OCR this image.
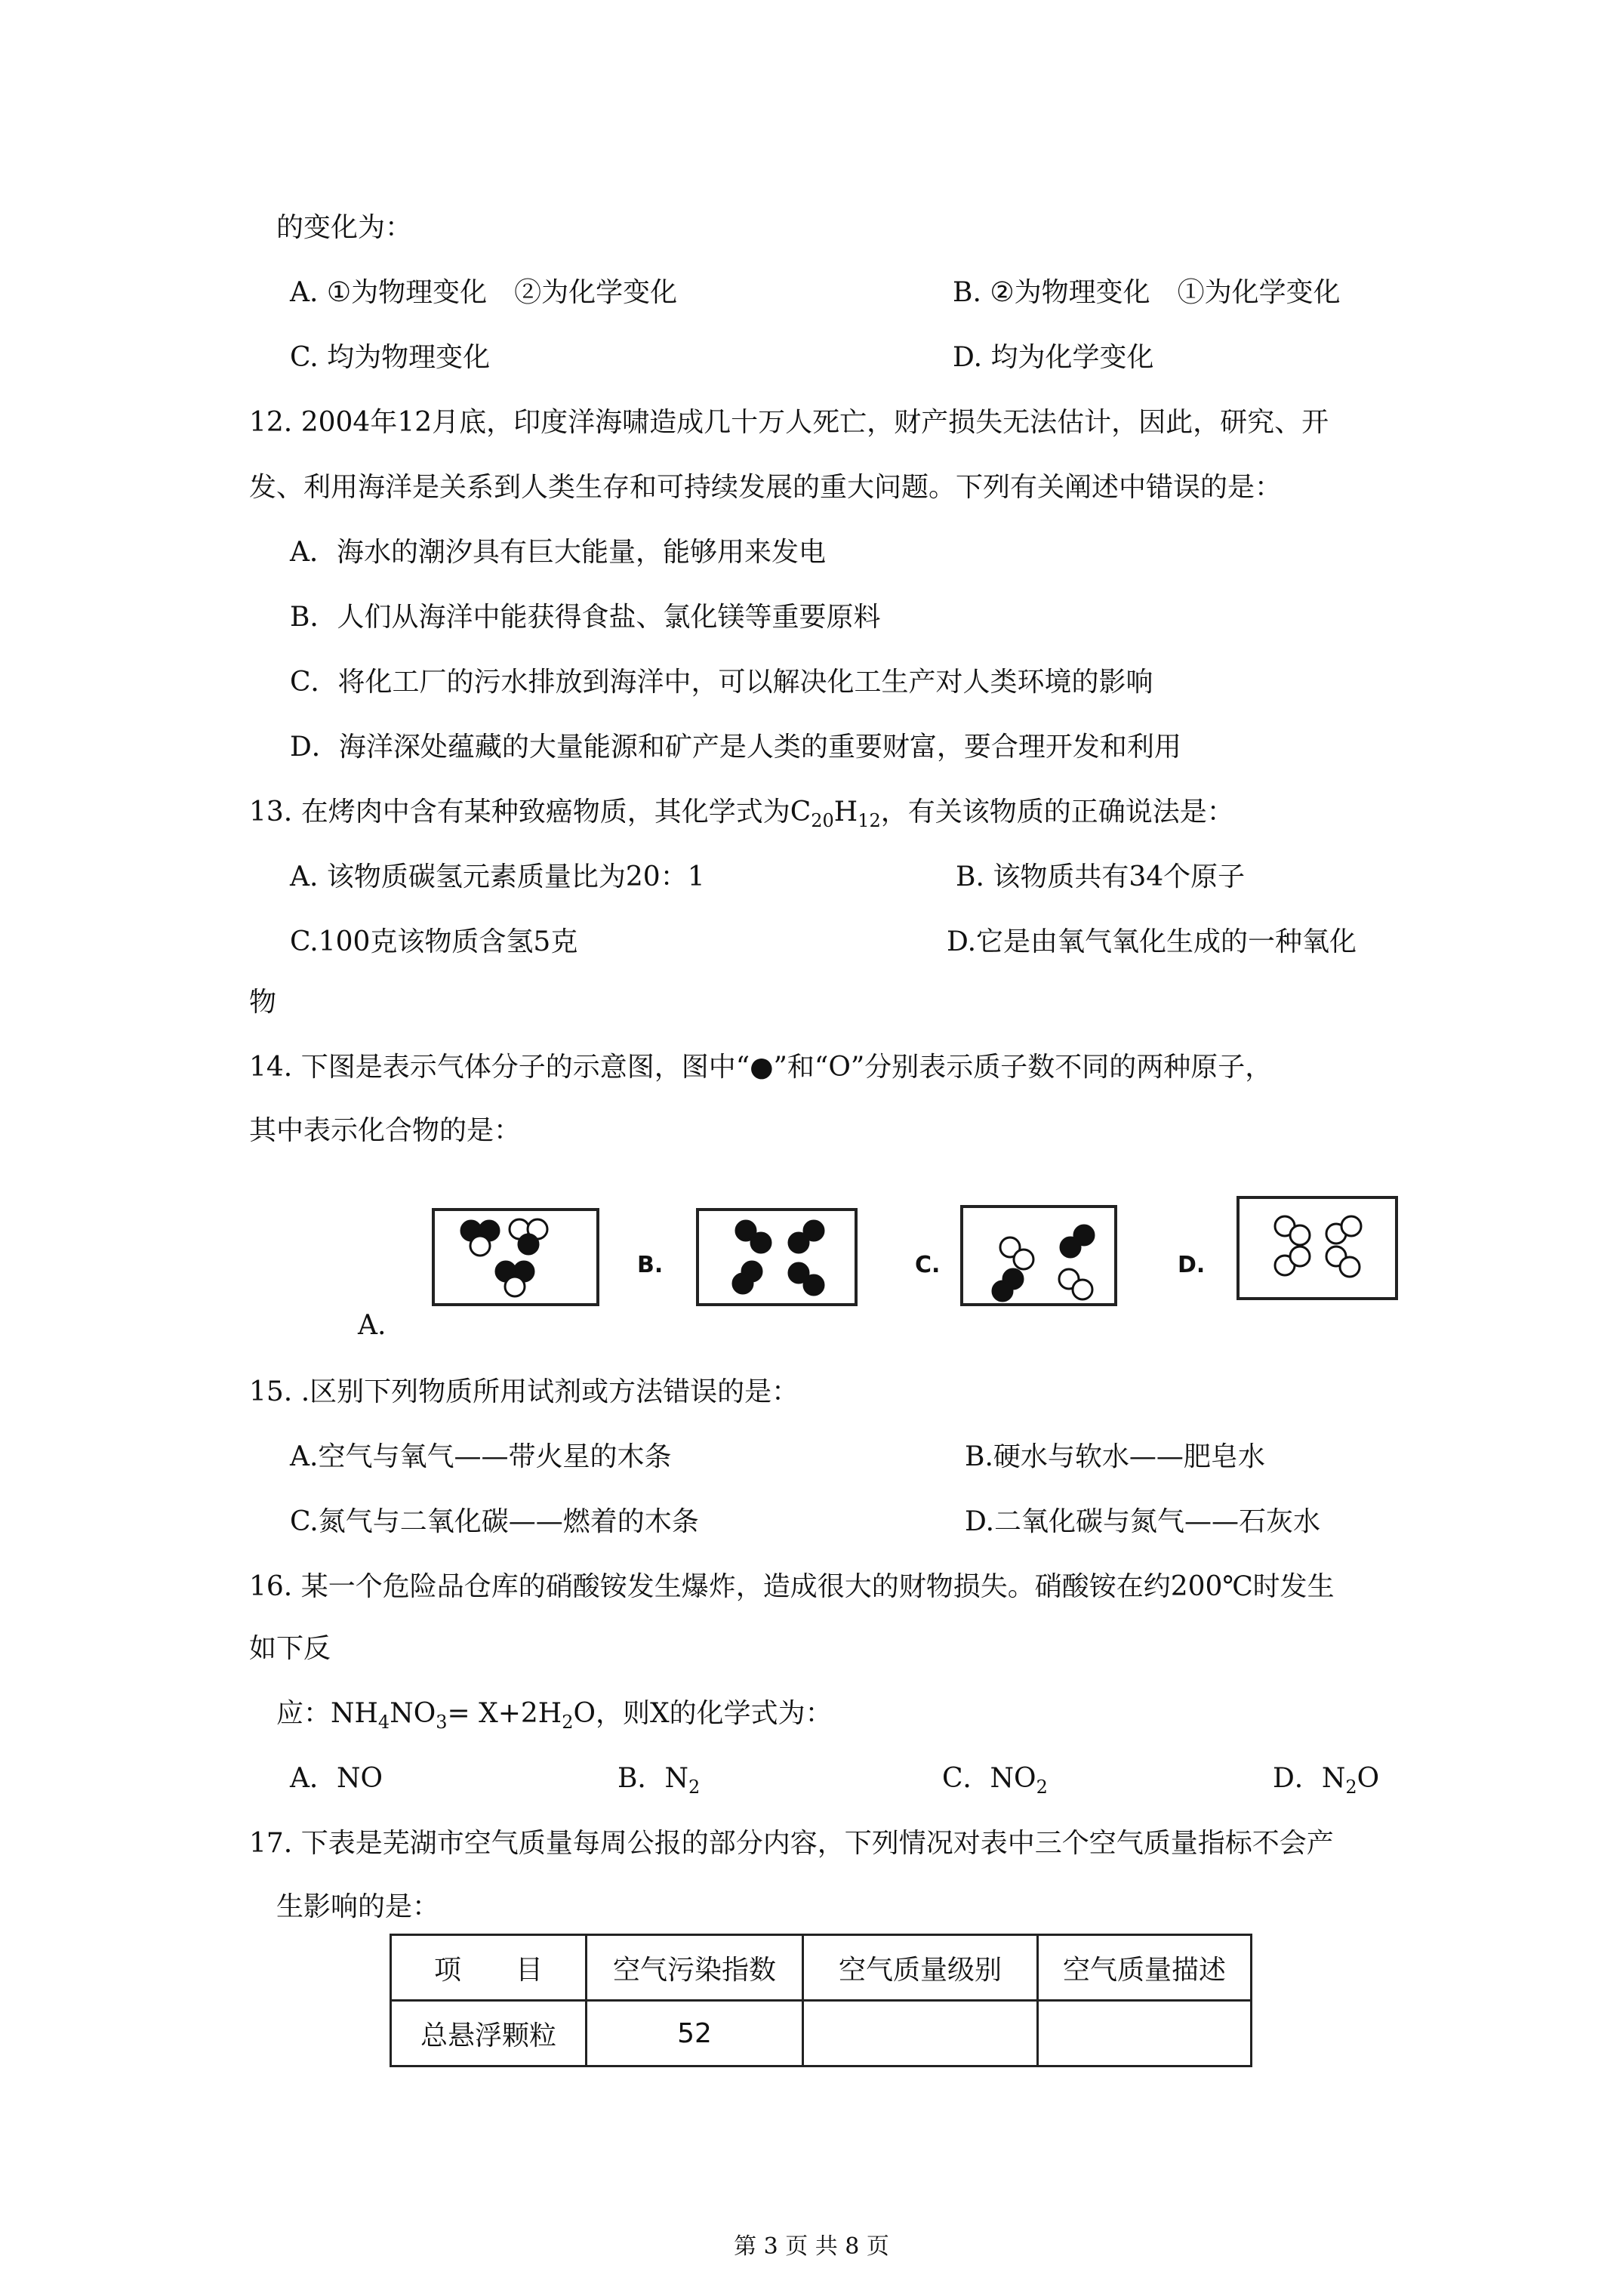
的变化为：
A. ①为物理变化　②为化学变化	B. ②为物理变化　①为化学变化
C. 均为物理变化	D. 均为化学变化
12. 2004年12月底，印度洋海啸造成几十万人死亡，财产损失无法估计，因此，研究、开
发、利用海洋是关系到人类生存和可持续发展的重大问题。下列有关阐述中错误的是：
A．海水的潮汐具有巨大能量，能够用来发电
B．人们从海洋中能获得食盐、氯化镁等重要原料
C．将化工厂的污水排放到海洋中，可以解决化工生产对人类环境的影响
D．海洋深处蕴藏的大量能源和矿产是人类的重要财富，要合理开发和利用
13. 在烤肉中含有某种致癌物质，其化学式为$C_{20}H_{12}$，有关该物质的正确说法是：
A. 该物质碳氢元素质量比为20：1	B. 该物质共有34个原子
C.100克该物质含氢5克	D.它是由氧气氧化生成的一种氧化
物
14. 下图是表示气体分子的示意图，图中“●”和“O”分别表示质子数不同的两种原子，
其中表示化合物的是：
A.
B.	C.	D.
15. .区别下列物质所用试剂或方法错误的是：
A.空气与氧气——带火星的木条	B.硬水与软水——肥皂水
C.氮气与二氧化碳——燃着的木条	D.二氧化碳与氮气——石灰水
16. 某一个危险品仓库的硝酸铵发生爆炸，造成很大的财物损失。硝酸铵在约200℃时发生
如下反
应：$NH_4NO_3= X+2H_2O$，则X的化学式为：
A．NO	B．$N_2$	C．$NO_2$	D．$N_2O$
17. 下表是芜湖市空气质量每周公报的部分内容，下列情况对表中三个空气质量指标不会产
生影响的是：
项　　目	空气污染指数	空气质量级别	空气质量描述
总悬浮颗粒	52		
第 3 页 共 8 页
